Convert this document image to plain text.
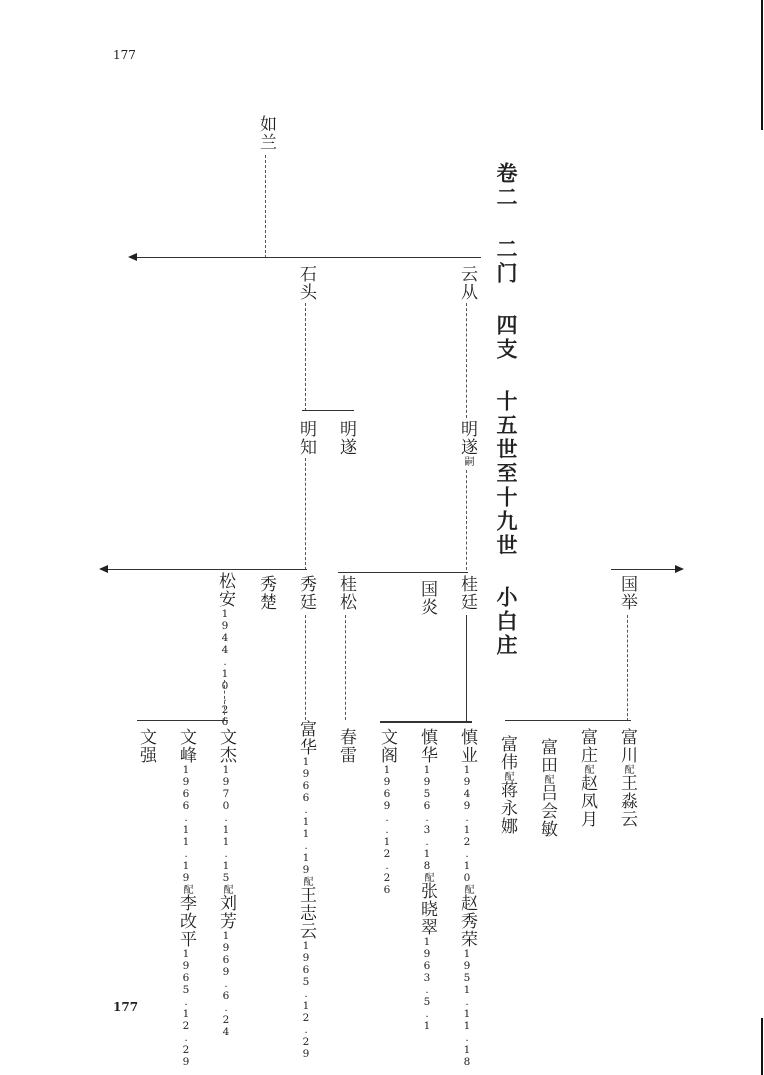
177
177
卷二 二门 四支 十五世至十九世 小白庄
如兰
石头	云从
明知 明遂	明遂嗣
松安1944.10.26
秀楚 秀廷 桂松	国炎 桂廷	国举
文强 文峰1966.11.19配李改平1965.12.29
文杰1970.11.15配刘芳1969.6.24
富华1966.11.19配王志云1965.12.29
春雷 文阁1969..12.26
慎华1956.3.18配张晓翠1963.5.1
慎业1949.12.10配赵秀荣1951.11.18
富伟配蒋永娜
富田配吕会敏
富庄配赵凤月
富川配王淼云
